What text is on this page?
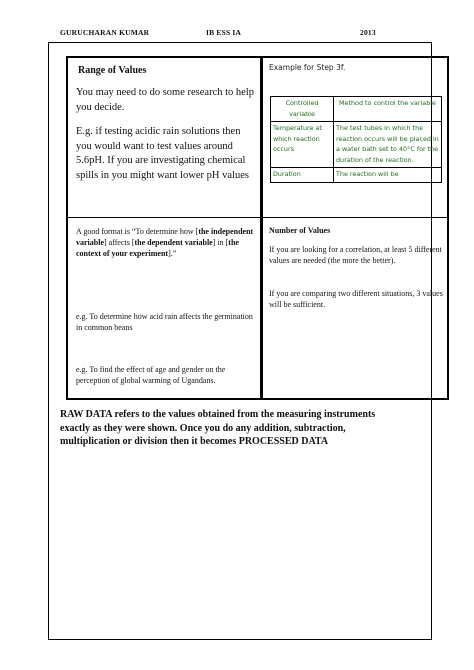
GURUCHARAN KUMAR	IB ESS IA	2013
Range of Values
You may need to do some research to help you decide.
E.g. if testing acidic rain solutions then you would want to test values around 5.6pH. If you are investigating chemical spills in you might want lower pH values
Example for Step 3f.
Controlled variable	Method to control the variable
Temperature at which reaction occurs	The test tubes in which the reaction occurs will be placed in a water bath set to 40°C for the duration of the reaction.
Duration	The reaction will be
A good format is “To determine how [the independent variable] affects [the dependent variable] in [the context of your experiment].”
e.g. To determine how acid rain affects the germination in common beans
e.g. To find the effect of age and gender on the perception of global warming of Ugandans.
Number of Values
If you are looking for a correlation, at least 5 different values are needed (the more the better).
If you are comparing two different situations, 3 values will be sufficient.
RAW DATA refers to the values obtained from the measuring instruments exactly as they were shown. Once you do any addition, subtraction, multiplication or division then it becomes PROCESSED DATA
